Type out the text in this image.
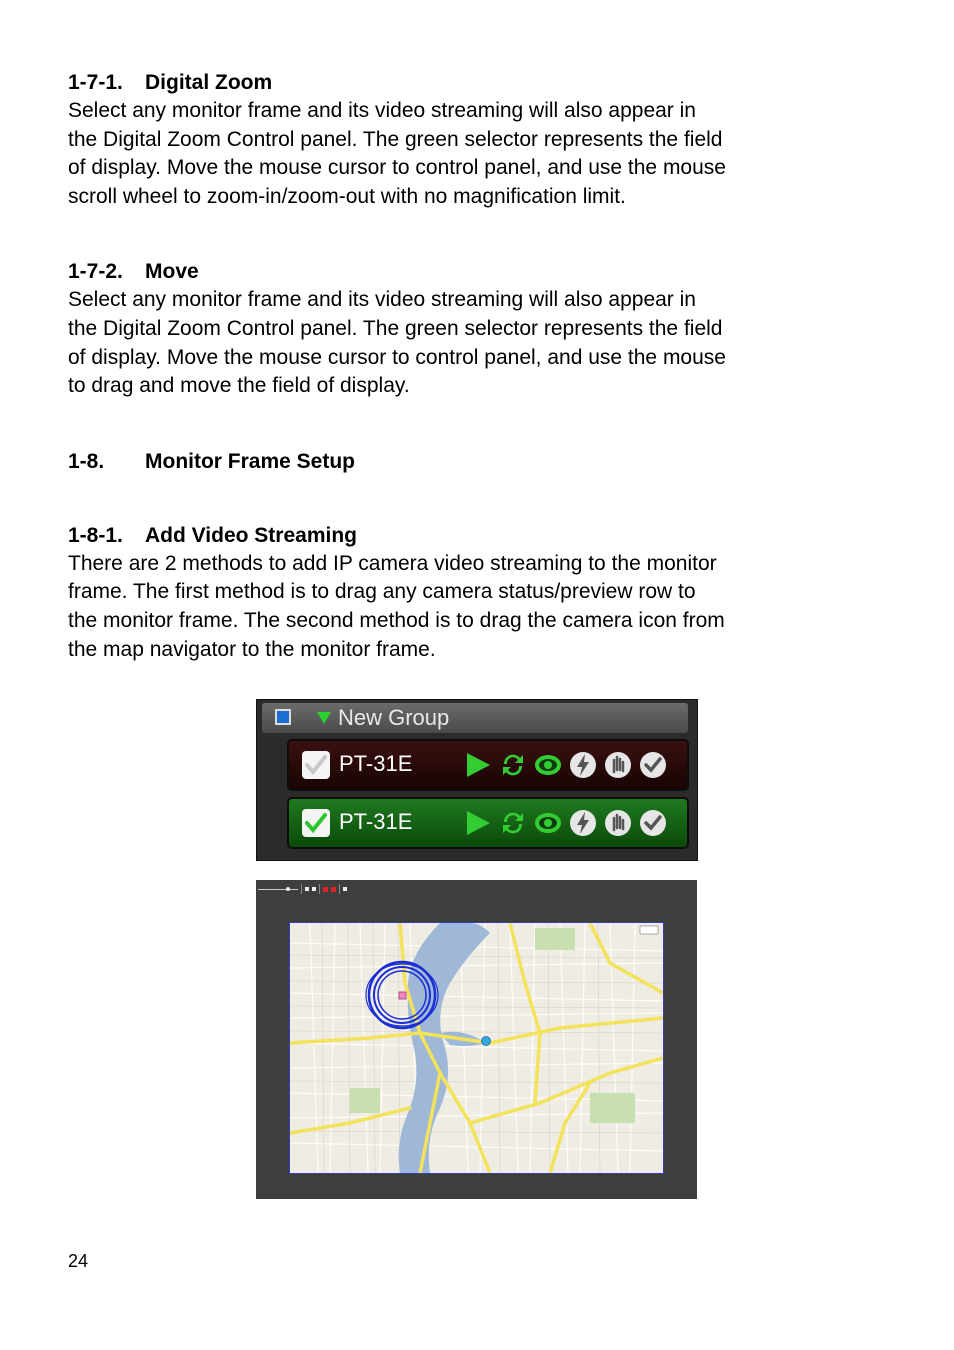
1-7-1.	Digital Zoom

Select any monitor frame and its video streaming will also appear in

the Digital Zoom Control panel. The green selector represents the field

of display. Move the mouse cursor to control panel, and use the mouse

scroll wheel to zoom-in/zoom-out with no magnification limit.

1-7-2.	Move

Select any monitor frame and its video streaming will also appear in

the Digital Zoom Control panel. The green selector represents the field

of display. Move the mouse cursor to control panel, and use the mouse

to drag and move the field of display.

1-8.	Monitor Frame Setup
1-8-1.	Add Video Streaming

There are 2 methods to add IP camera video streaming to the monitor

frame. The first method is to drag any camera status/preview row to

the monitor frame. The second method is to drag the camera icon from

the map navigator to the monitor frame.

New Group
PT-31E
PT-31E

24
